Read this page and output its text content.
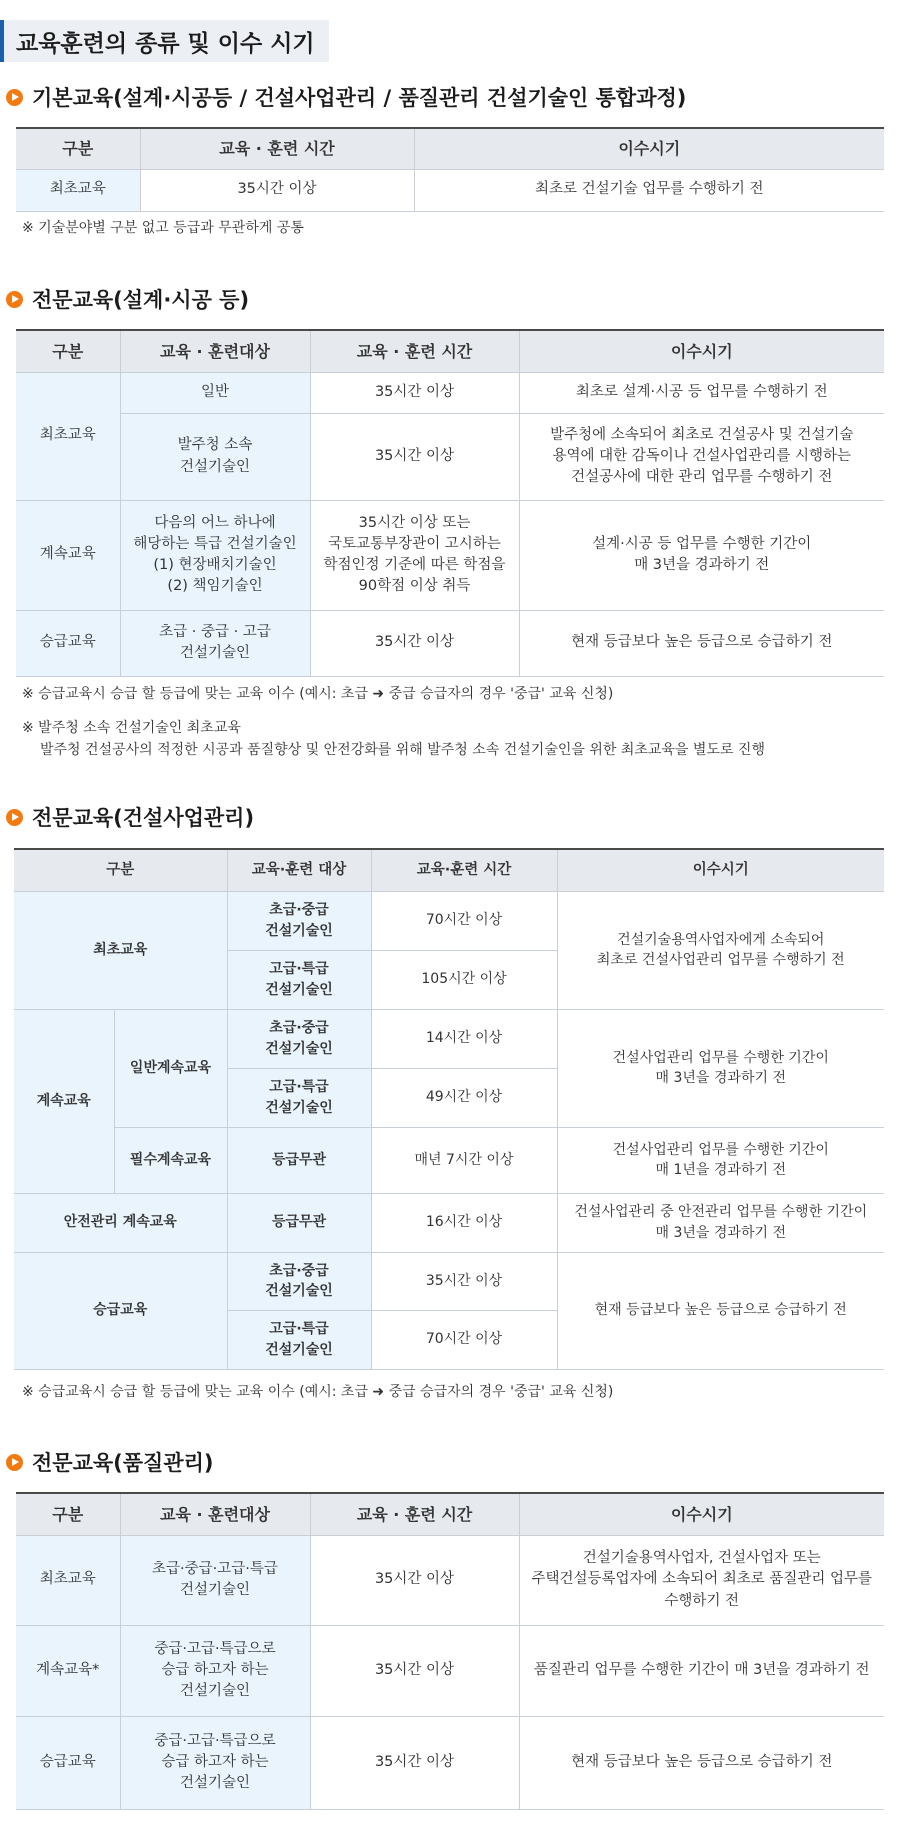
교육훈련의 종류 및 이수 시기
기본교육(설계·시공등 / 건설사업관리 / 품질관리 건설기술인 통합과정)
구분	교육 · 훈련 시간	이수시기
최초교육	35시간 이상	최초로 건설기술 업무를 수행하기 전
※ 기술분야별 구분 없고 등급과 무관하게 공통
전문교육(설계·시공 등)
구분	교육 · 훈련대상	교육 · 훈련 시간	이수시기
최초교육	일반	35시간 이상	최초로 설계·시공 등 업무를 수행하기 전
	발주청 소속
건설기술인	35시간 이상	발주청에 소속되어 최초로 건설공사 및 건설기술
용역에 대한 감독이나 건설사업관리를 시행하는
건설공사에 대한 관리 업무를 수행하기 전
계속교육	다음의 어느 하나에
해당하는 특급 건설기술인
(1) 현장배치기술인
(2) 책임기술인	35시간 이상 또는
국토교통부장관이 고시하는
학점인정 기준에 따른 학점을
90학점 이상 취득	설계·시공 등 업무를 수행한 기간이
매 3년을 경과하기 전
승급교육	초급 · 중급 · 고급
건설기술인	35시간 이상	현재 등급보다 높은 등급으로 승급하기 전
※ 승급교육시 승급 할 등급에 맞는 교육 이수 (예시: 초급 ➜ 중급 승급자의 경우 '중급' 교육 신청)
※ 발주청 소속 건설기술인 최초교육
발주청 건설공사의 적정한 시공과 품질향상 및 안전강화를 위해 발주청 소속 건설기술인을 위한 최초교육을 별도로 진행
전문교육(건설사업관리)
구분		교육·훈련 대상	교육·훈련 시간	이수시기
최초교육		초급·중급
건설기술인	70시간 이상	건설기술용역사업자에게 소속되어
최초로 건설사업관리 업무를 수행하기 전
		고급·특급
건설기술인	105시간 이상	
계속교육	일반계속교육	초급·중급
건설기술인	14시간 이상	건설사업관리 업무를 수행한 기간이
매 3년을 경과하기 전
		고급·특급
건설기술인	49시간 이상	
	필수계속교육	등급무관	매년 7시간 이상	건설사업관리 업무를 수행한 기간이
매 1년을 경과하기 전
안전관리 계속교육		등급무관	16시간 이상	건설사업관리 중 안전관리 업무를 수행한 기간이
매 3년을 경과하기 전
승급교육		초급·중급
건설기술인	35시간 이상	현재 등급보다 높은 등급으로 승급하기 전
		고급·특급
건설기술인	70시간 이상	
※ 승급교육시 승급 할 등급에 맞는 교육 이수 (예시: 초급 ➜ 중급 승급자의 경우 '중급' 교육 신청)
전문교육(품질관리)
구분	교육 · 훈련대상	교육 · 훈련 시간	이수시기
최초교육	초급·중급·고급·특급
건설기술인	35시간 이상	건설기술용역사업자, 건설사업자 또는
주택건설등록업자에 소속되어 최초로 품질관리 업무를
수행하기 전
계속교육*	중급·고급·특급으로
승급 하고자 하는
건설기술인	35시간 이상	품질관리 업무를 수행한 기간이 매 3년을 경과하기 전
승급교육	중급·고급·특급으로
승급 하고자 하는
건설기술인	35시간 이상	현재 등급보다 높은 등급으로 승급하기 전
